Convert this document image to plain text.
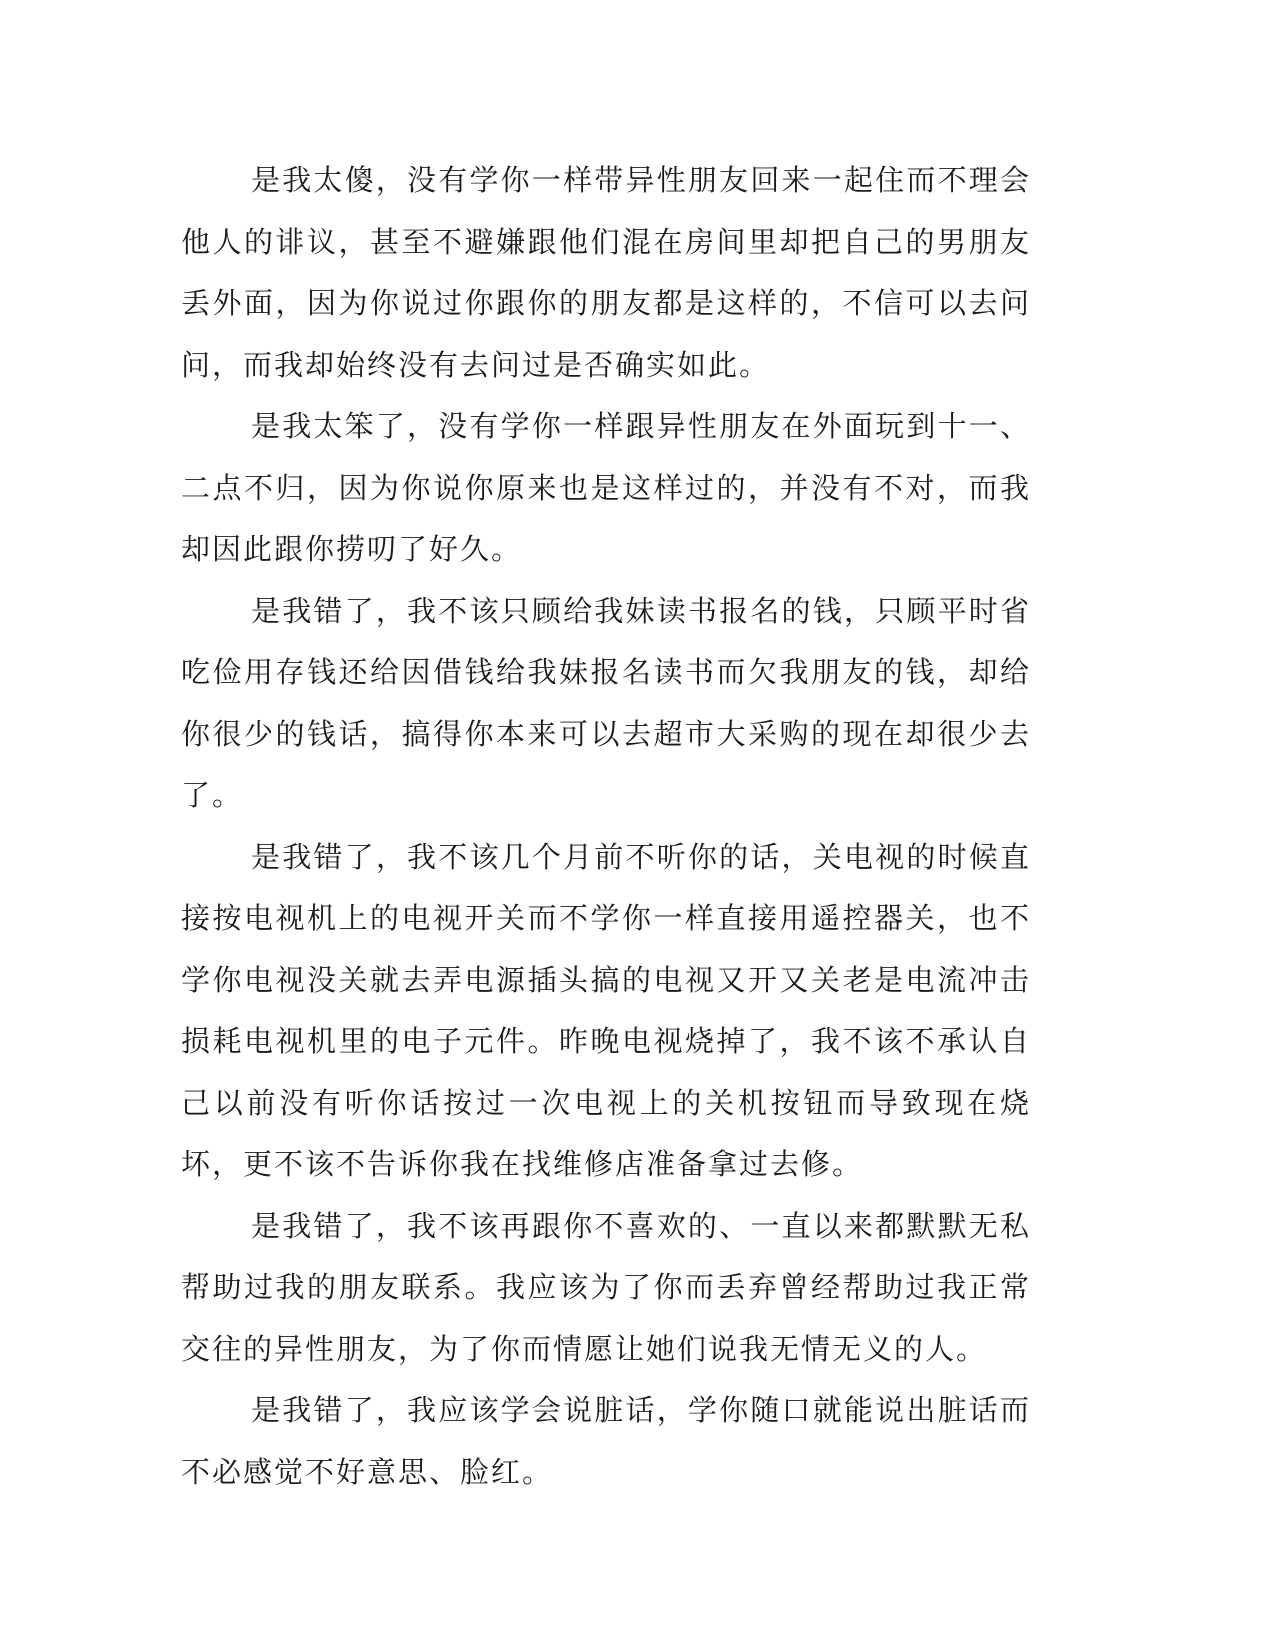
是我太傻，没有学你一样带异性朋友回来一起住而不理会他人的诽议，甚至不避嫌跟他们混在房间里却把自己的男朋友丢外面，因为你说过你跟你的朋友都是这样的，不信可以去问问，而我却始终没有去问过是否确实如此。

是我太笨了，没有学你一样跟异性朋友在外面玩到十一、二点不归，因为你说你原来也是这样过的，并没有不对，而我却因此跟你捞叨了好久。

是我错了，我不该只顾给我妹读书报名的钱，只顾平时省吃俭用存钱还给因借钱给我妹报名读书而欠我朋友的钱，却给你很少的钱话，搞得你本来可以去超市大采购的现在却很少去了。

是我错了，我不该几个月前不听你的话，关电视的时候直接按电视机上的电视开关而不学你一样直接用遥控器关，也不学你电视没关就去弄电源插头搞的电视又开又关老是电流冲击损耗电视机里的电子元件。昨晚电视烧掉了，我不该不承认自己以前没有听你话按过一次电视上的关机按钮而导致现在烧坏，更不该不告诉你我在找维修店准备拿过去修。

是我错了，我不该再跟你不喜欢的、一直以来都默默无私帮助过我的朋友联系。我应该为了你而丢弃曾经帮助过我正常交往的异性朋友，为了你而情愿让她们说我无情无义的人。

是我错了，我应该学会说脏话，学你随口就能说出脏话而不必感觉不好意思、脸红。
